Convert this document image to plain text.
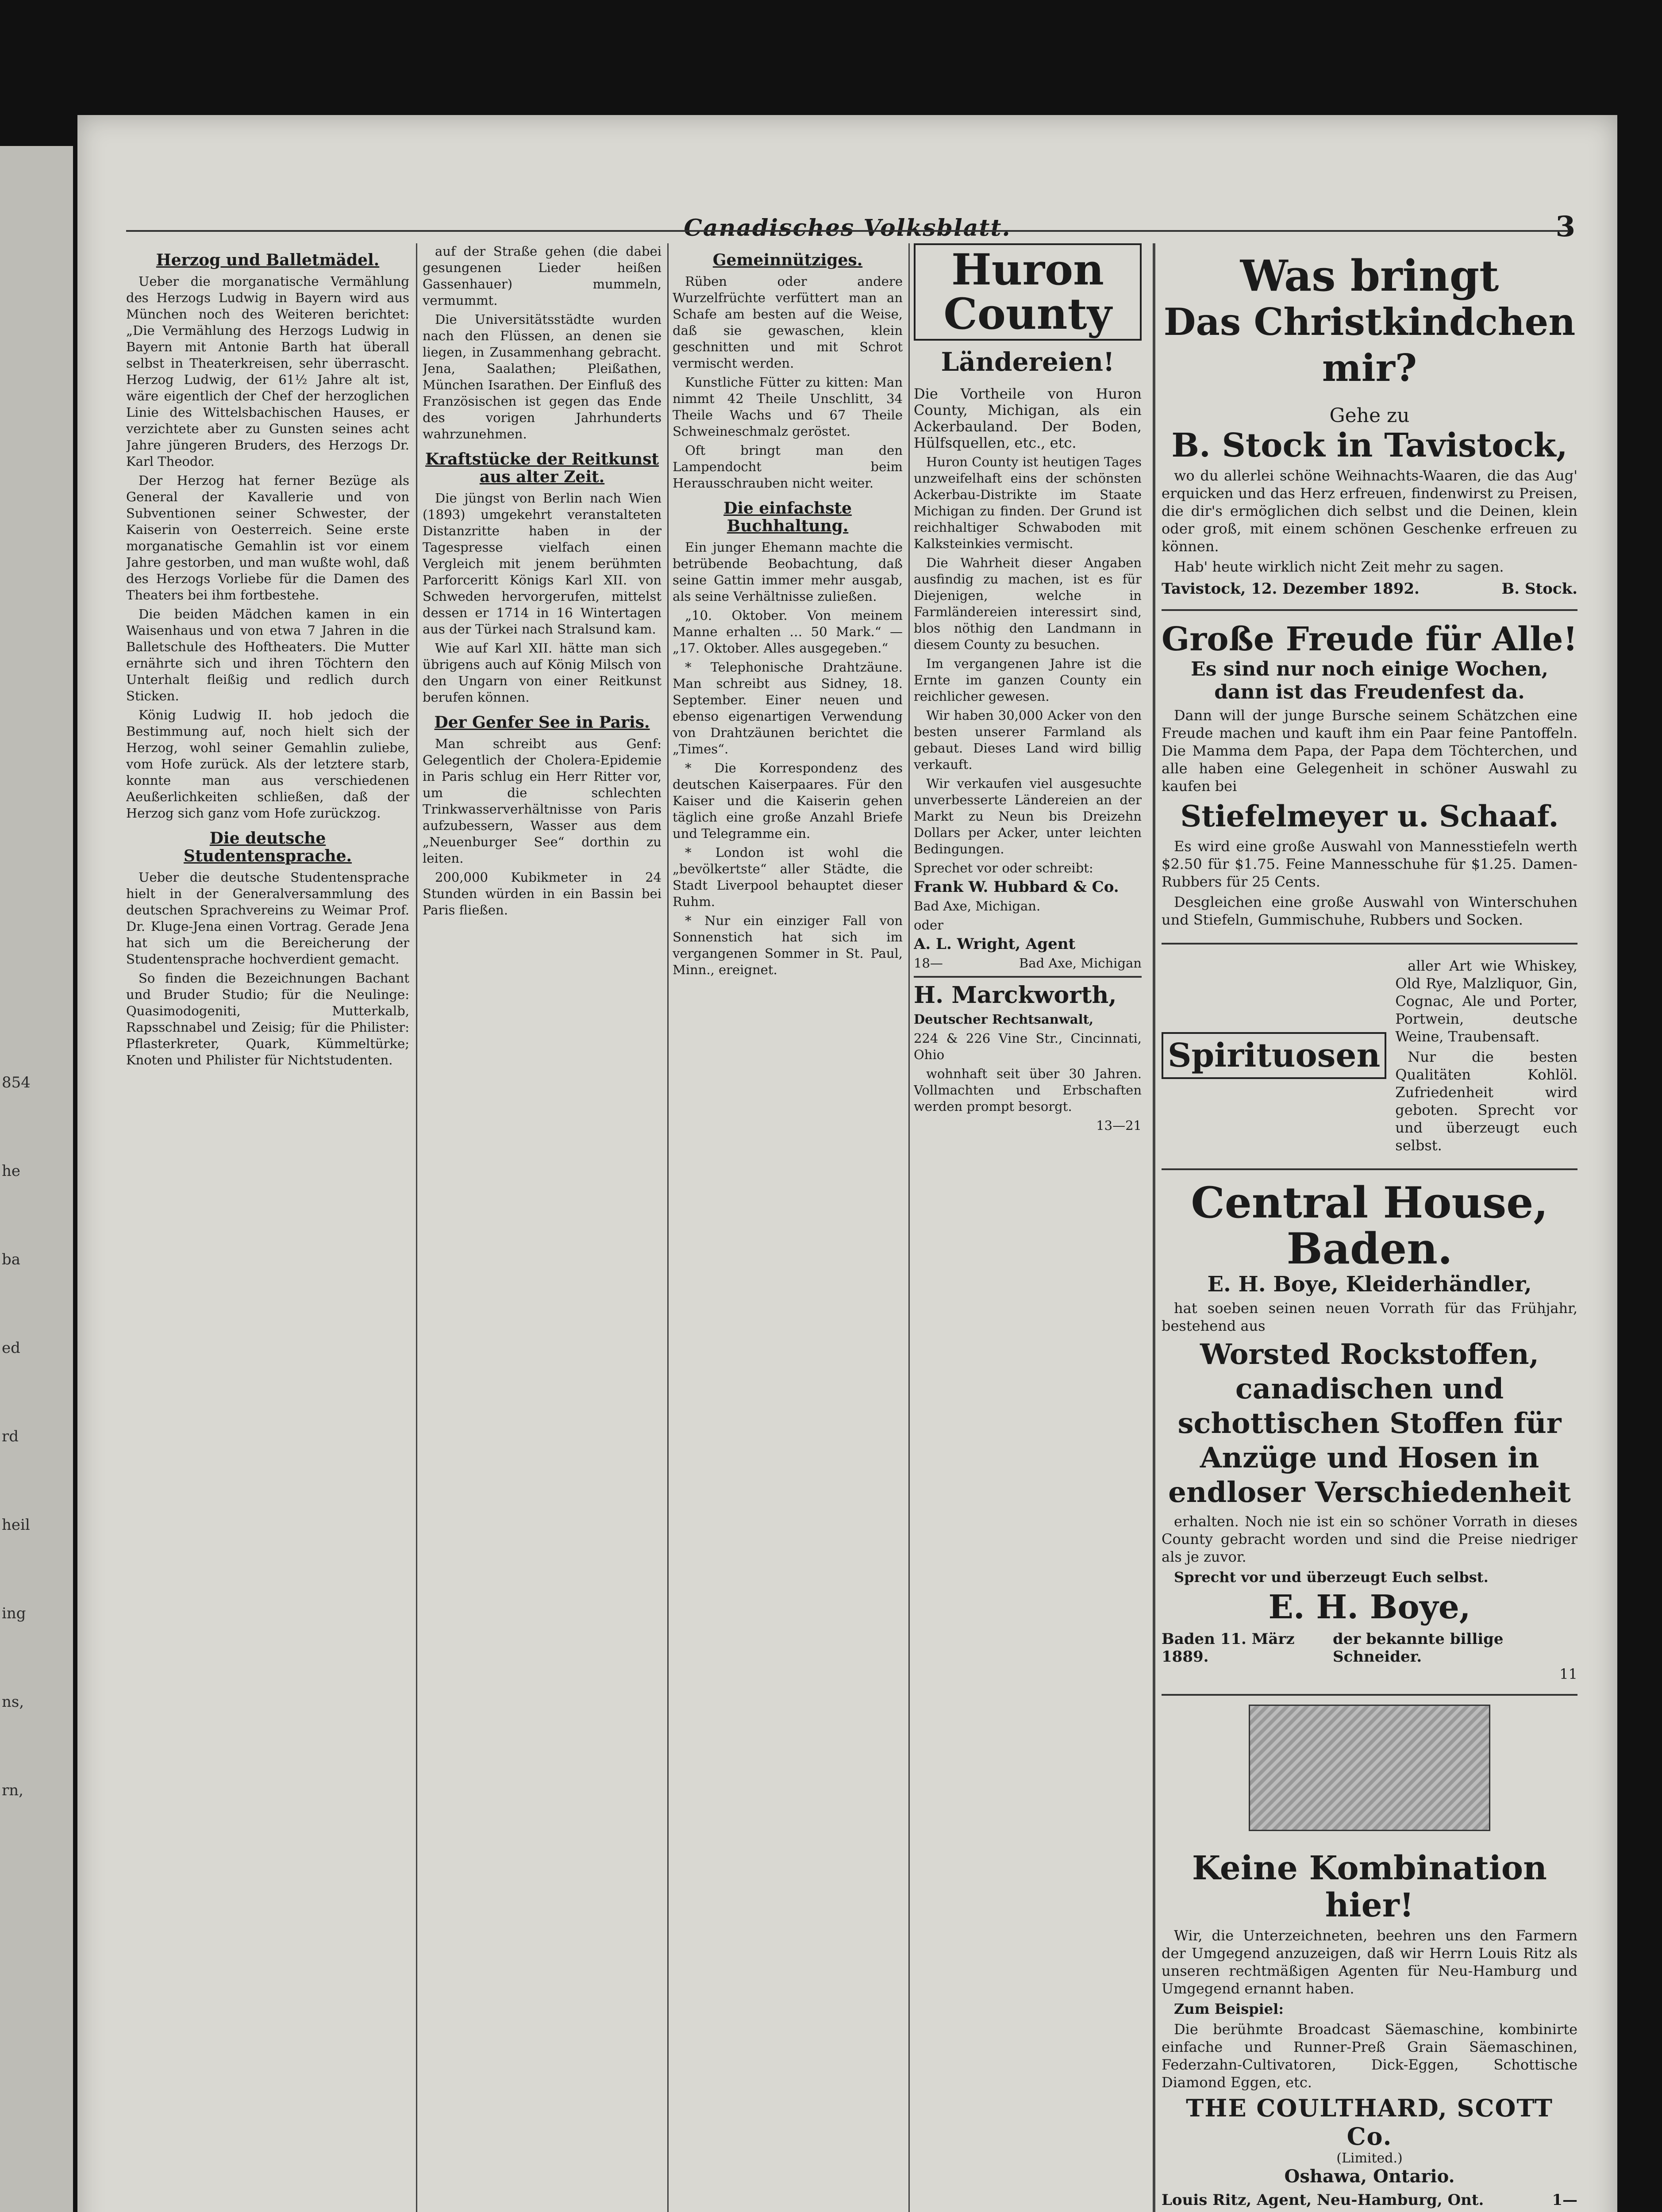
854
he
ba
ed
rd
heil
ing
ns,
rn,
Canadisches Volksblatt.	3
Herzog und Balletmädel.

Ueber die morganatische Vermählung des Herzogs Ludwig in Bayern wird aus München noch des Weiteren berichtet: „Die Vermählung des Herzogs Ludwig in Bayern mit Antonie Barth hat überall selbst in Theaterkreisen, sehr überrascht. Herzog Ludwig, der 61½ Jahre alt ist, wäre eigentlich der Chef der herzoglichen Linie des Wittelsbachischen Hauses, er verzichtete aber zu Gunsten seines acht Jahre jüngeren Bruders, des Herzogs Dr. Karl Theodor.

Der Herzog hat ferner Bezüge als General der Kavallerie und von Subventionen seiner Schwester, der Kaiserin von Oesterreich. Seine erste morganatische Gemahlin ist vor einem Jahre gestorben, und man wußte wohl, daß des Herzogs Vorliebe für die Damen des Theaters bei ihm fortbestehe.

Die beiden Mädchen kamen in ein Waisenhaus und von etwa 7 Jahren in die Balletschule des Hoftheaters. Die Mutter ernährte sich und ihren Töchtern den Unterhalt fleißig und redlich durch Sticken.

König Ludwig II. hob jedoch die Bestimmung auf, noch hielt sich der Herzog, wohl seiner Gemahlin zuliebe, vom Hofe zurück. Als der letztere starb, konnte man aus verschiedenen Aeußerlichkeiten schließen, daß der Herzog sich ganz vom Hofe zurückzog.

Die deutsche Studentensprache.

Ueber die deutsche Studentensprache hielt in der Generalversammlung des deutschen Sprachvereins zu Weimar Prof. Dr. Kluge-Jena einen Vortrag. Gerade Jena hat sich um die Bereicherung der Studentensprache hochverdient gemacht.

So finden die Bezeichnungen Bachant und Bruder Studio; für die Neulinge: Quasimodogeniti, Mutterkalb, Rapsschnabel und Zeisig; für die Philister: Pflasterkreter, Quark, Kümmeltürke; Knoten und Philister für Nichtstudenten.

auf der Straße gehen (die dabei gesungenen Lieder heißen Gassenhauer) mummeln, vermummt.

Die Universitätsstädte wurden nach den Flüssen, an denen sie liegen, in Zusammenhang gebracht. Jena, Saalathen; Pleißathen, München Isarathen. Der Einfluß des Französischen ist gegen das Ende des vorigen Jahrhunderts wahrzunehmen.

Kraftstücke der Reitkunst aus alter Zeit.

Die jüngst von Berlin nach Wien (1893) umgekehrt veranstalteten Distanzritte haben in der Tagespresse vielfach einen Vergleich mit jenem berühmten Parforceritt Königs Karl XII. von Schweden hervorgerufen, mittelst dessen er 1714 in 16 Wintertagen aus der Türkei nach Stralsund kam.

Wie auf Karl XII. hätte man sich übrigens auch auf König Milsch von den Ungarn von einer Reitkunst berufen können.

Der Genfer See in Paris.

Man schreibt aus Genf: Gelegentlich der Cholera-Epidemie in Paris schlug ein Herr Ritter vor, um die schlechten Trinkwasserverhältnisse von Paris aufzubessern, Wasser aus dem „Neuenburger See“ dorthin zu leiten.

200,000 Kubikmeter in 24 Stunden würden in ein Bassin bei Paris fließen.

Gemeinnütziges.

Rüben oder andere Wurzelfrüchte verfüttert man an Schafe am besten auf die Weise, daß sie gewaschen, klein geschnitten und mit Schrot vermischt werden.

Kunstliche Fütter zu kitten: Man nimmt 42 Theile Unschlitt, 34 Theile Wachs und 67 Theile Schweineschmalz geröstet.

Oft bringt man den Lampendocht beim Herausschrauben nicht weiter.

Die einfachste Buchhaltung.

Ein junger Ehemann machte die betrübende Beobachtung, daß seine Gattin immer mehr ausgab, als seine Verhältnisse zuließen.

„10. Oktober. Von meinem Manne erhalten … 50 Mark.“ — „17. Oktober. Alles ausgegeben.“

* Telephonische Drahtzäune. Man schreibt aus Sidney, 18. September. Einer neuen und ebenso eigenartigen Verwendung von Drahtzäunen berichtet die „Times“.

* Die Korrespondenz des deutschen Kaiserpaares. Für den Kaiser und die Kaiserin gehen täglich eine große Anzahl Briefe und Telegramme ein.

* London ist wohl die „bevölkertste“ aller Städte, die Stadt Liverpool behauptet dieser Ruhm.

* Nur ein einziger Fall von Sonnenstich hat sich im vergangenen Sommer in St. Paul, Minn., ereignet.

Huron County
Ländereien!

Die Vortheile von Huron County, Michigan, als ein Ackerbauland. Der Boden, Hülfsquellen, etc., etc.

Huron County ist heutigen Tages unzweifelhaft eins der schönsten Ackerbau-Distrikte im Staate Michigan zu finden. Der Grund ist reichhaltiger Schwaboden mit Kalksteinkies vermischt.

Die Wahrheit dieser Angaben ausfindig zu machen, ist es für Diejenigen, welche in Farmländereien interessirt sind, blos nöthig den Landmann in diesem County zu besuchen.

Im vergangenen Jahre ist die Ernte im ganzen County ein reichlicher gewesen.

Wir haben 30,000 Acker von den besten unserer Farmland als gebaut. Dieses Land wird billig verkauft.

Wir verkaufen viel ausgesuchte unverbesserte Ländereien an der Markt zu Neun bis Dreizehn Dollars per Acker, unter leichten Bedingungen.

Sprechet vor oder schreibt:

Frank W. Hubbard & Co.

Bad Axe, Michigan.

oder

A. L. Wright, Agent

18—	Bad Axe, Michigan

H. Marckworth,

Deutscher Rechtsanwalt,

224 & 226 Vine Str., Cincinnati, Ohio

wohnhaft seit über 30 Jahren. Vollmachten und Erbschaften werden prompt besorgt.

13—21

Was bringt
Das Christkindchen mir?
Gehe zu
B. Stock in Tavistock,

wo du allerlei schöne Weihnachts-Waaren, die das Aug' erquicken und das Herz erfreuen, findenwirst zu Preisen, die dir's ermöglichen dich selbst und die Deinen, klein oder groß, mit einem schönen Geschenke erfreuen zu können.

Hab' heute wirklich nicht Zeit mehr zu sagen.

Tavistock, 12. Dezember 1892.	B. Stock.
Große Freude für Alle!
Es sind nur noch einige Wochen, dann ist das Freudenfest da.

Dann will der junge Bursche seinem Schätzchen eine Freude machen und kauft ihm ein Paar feine Pantoffeln. Die Mamma dem Papa, der Papa dem Töchterchen, und alle haben eine Gelegenheit in schöner Auswahl zu kaufen bei

Stiefelmeyer u. Schaaf.

Es wird eine große Auswahl von Mannesstiefeln werth $2.50 für $1.75. Feine Mannesschuhe für $1.25. Damen-Rubbers für 25 Cents.

Desgleichen eine große Auswahl von Winterschuhen und Stiefeln, Gummischuhe, Rubbers und Socken.

Spirituosen

aller Art wie Whiskey, Old Rye, Malzliquor, Gin, Cognac, Ale und Porter, Portwein, deutsche Weine, Traubensaft.

Nur die besten Qualitäten Kohlöl. Zufriedenheit wird geboten. Sprecht vor und überzeugt euch selbst.

Central House, Baden.
E. H. Boye, Kleiderhändler,

hat soeben seinen neuen Vorrath für das Frühjahr, bestehend aus

Worsted Rockstoffen, canadischen und schottischen Stoffen für Anzüge und Hosen in endloser Verschiedenheit

erhalten. Noch nie ist ein so schöner Vorrath in dieses County gebracht worden und sind die Preise niedriger als je zuvor.

Sprecht vor und überzeugt Euch selbst.

E. H. Boye,
Baden 11. März 1889.
der bekannte billige Schneider.
11
Keine Kombination hier!

Wir, die Unterzeichneten, beehren uns den Farmern der Umgegend anzuzeigen, daß wir Herrn Louis Ritz als unseren rechtmäßigen Agenten für Neu-Hamburg und Umgegend ernannt haben.

Zum Beispiel:

Die berühmte Broadcast Säemaschine, kombinirte einfache und Runner-Preß Grain Säemaschinen, Federzahn-Cultivatoren, Dick-Eggen, Schottische Diamond Eggen, etc.

THE COULTHARD, SCOTT Co.
(Limited.)
Oshawa, Ontario.
Louis Ritz, Agent, Neu-Hamburg, Ont.	1—
